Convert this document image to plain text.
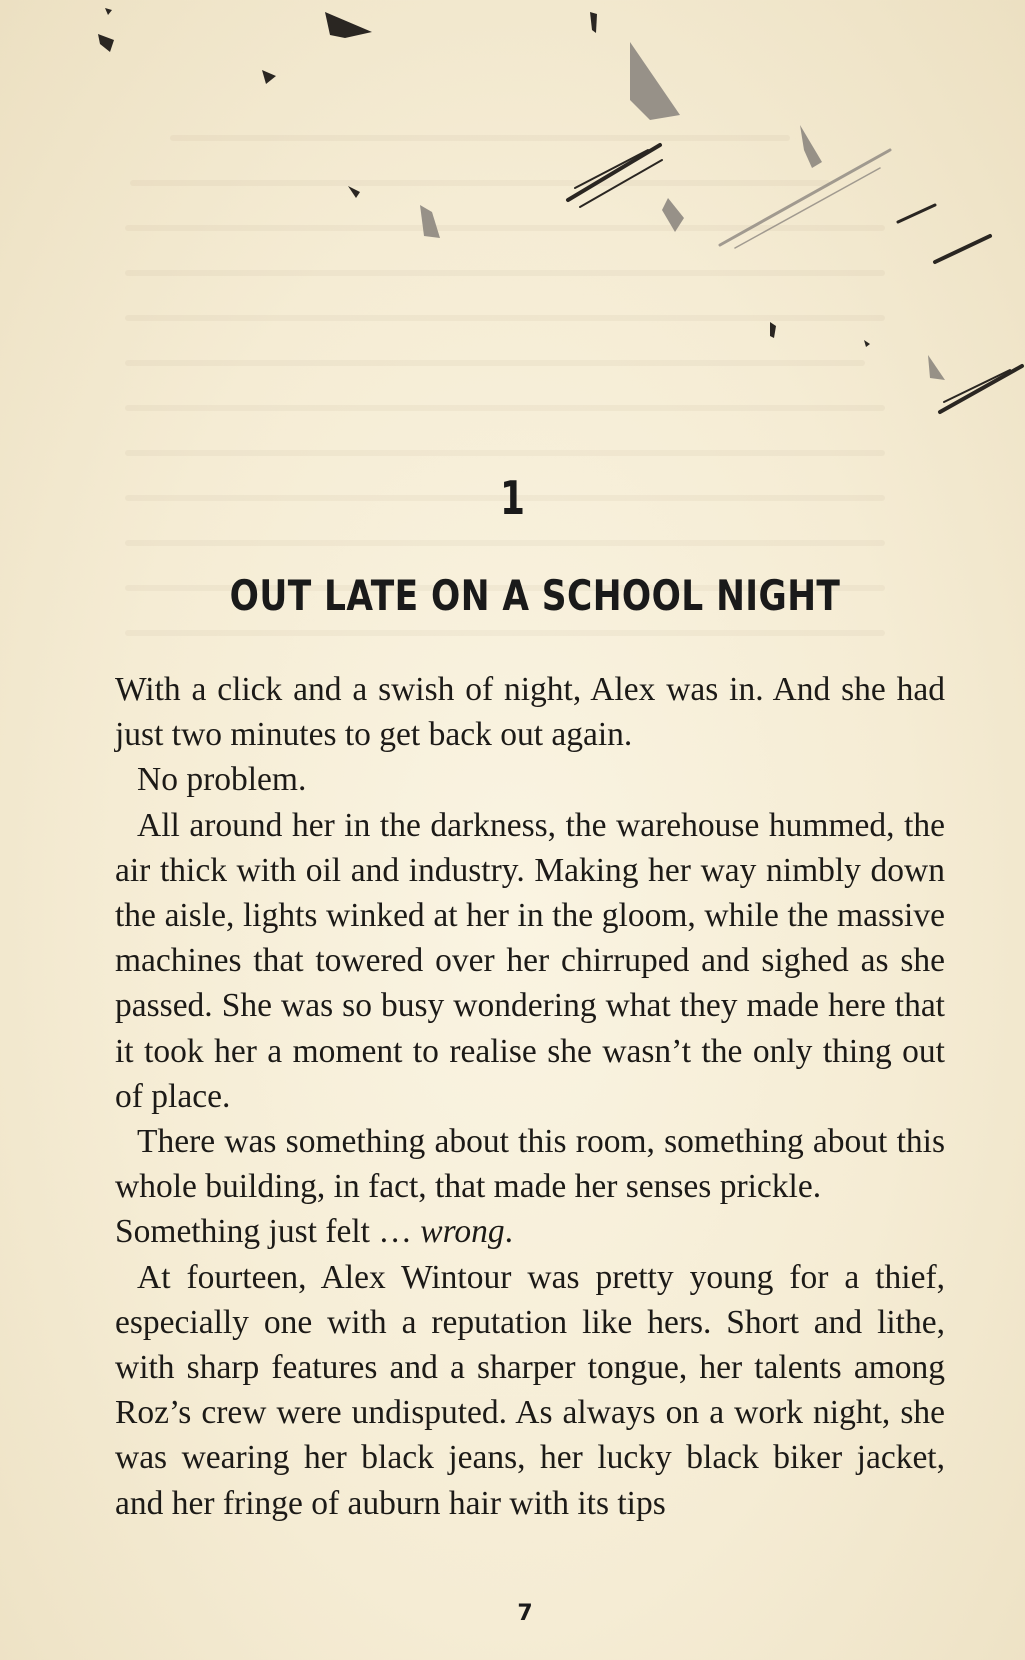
1
OUT LATE ON A SCHOOL NIGHT

With a click and a swish of night, Alex was in. And she had just two minutes to get back out again.

No problem.

All around her in the darkness, the warehouse hummed, the air thick with oil and industry. Making her way nimbly down the aisle, lights winked at her in the gloom, while the massive machines that towered over her chirruped and sighed as she passed. She was so busy wondering what they made here that it took her a moment to realise she wasn’t the only thing out of place.

There was something about this room, something about this whole building, in fact, that made her senses prickle.

Something just felt … wrong.

At fourteen, Alex Wintour was pretty young for a thief, especially one with a reputation like hers. Short and lithe, with sharp features and a sharper tongue, her talents among Roz’s crew were undisputed. As always on a work night, she was wearing her black jeans, her lucky black biker jacket, and her fringe of auburn hair with its tips

7
